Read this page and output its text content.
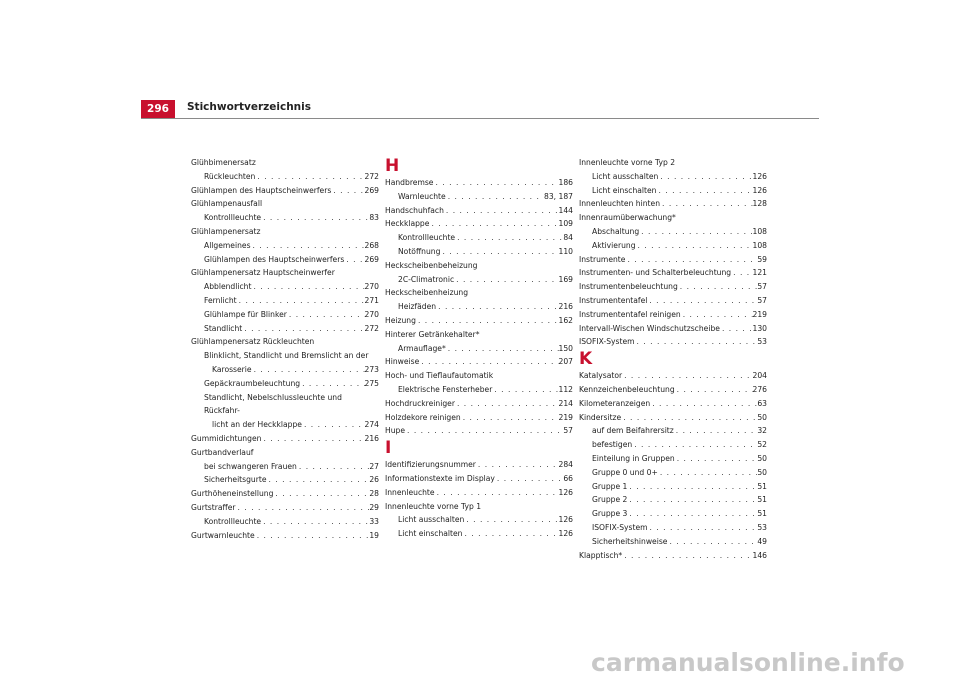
296	Stichwortverzeichnis
Glühbimenersatz
Rückleuchten . . .	272
Glühlampen des Hauptscheinwerfers . . .	269
Glühlampenausfall
Kontrollleuchte . . .	83
Glühlampenersatz
Allgemeines . . .	268
Glühlampen des Hauptscheinwerfers . . .	269
Glühlampenersatz Hauptscheinwerfer
Abblendlicht . . .	270
Fernlicht . . .	271
Glühlampe für Blinker . . .	270
Standlicht . . .	272
Glühlampenersatz Rückleuchten
Blinklicht, Standlicht und Bremslicht an der
Karosserie . . .	273
Gepäckraumbeleuchtung . . .	275
Standlicht, Nebelschlussleuchte und Rückfahr-
licht an der Heckklappe . . .	274
Gummidichtungen . . .	216
Gurtbandverlauf
bei schwangeren Frauen . . .	27
Sicherheitsgurte . . .	26
Gurthöheneinstellung . . .	28
Gurtstraffer . . .	29
Kontrollleuchte . . .	33
Gurtwarnleuchte . . .	19
H
Handbremse . . .	186
Warnleuchte . . .	83, 187
Handschuhfach . . .	144
Heckklappe . . .	109
Kontrollleuchte . . .	84
Notöffnung . . .	110
Heckscheibenbeheizung
2C-Climatronic . . .	169
Heckscheibenheizung
Heizfäden . . .	216
Heizung . . .	162
Hinterer Getränkehalter*
Armauflage* . . .	150
Hinweise . . .	207
Hoch- und Tieflaufautomatik
Elektrische Fensterheber . . .	112
Hochdruckreiniger . . .	214
Holzdekore reinigen . . .	219
Hupe . . .	57
I
Identifizierungsnummer . . .	284
Informationstexte im Display . . .	66
Innenleuchte . . .	126
Innenleuchte vorne Typ 1
Licht ausschalten . . .	126
Licht einschalten . . .	126
Innenleuchte vorne Typ 2
Licht ausschalten . . .	126
Licht einschalten . . .	126
Innenleuchten hinten . . .	128
Innenraumüberwachung*
Abschaltung . . .	108
Aktivierung . . .	108
Instrumente . . .	59
Instrumenten- und Schalterbeleuchtung . . .	121
Instrumentenbeleuchtung . . .	57
Instrumententafel . . .	57
Instrumententafel reinigen . . .	219
Intervall-Wischen Windschutzscheibe . . .	130
ISOFIX-System . . .	53
K
Katalysator . . .	204
Kennzeichenbeleuchtung . . .	276
Kilometeranzeigen . . .	63
Kindersitze . . .	50
auf dem Beifahrersitz . . .	32
befestigen . . .	52
Einteilung in Gruppen . . .	50
Gruppe 0 und 0+ . . .	50
Gruppe 1 . . .	51
Gruppe 2 . . .	51
Gruppe 3 . . .	51
ISOFIX-System . . .	53
Sicherheitshinweise . . .	49
Klapptisch* . . .	146
carmanualsonline.info
